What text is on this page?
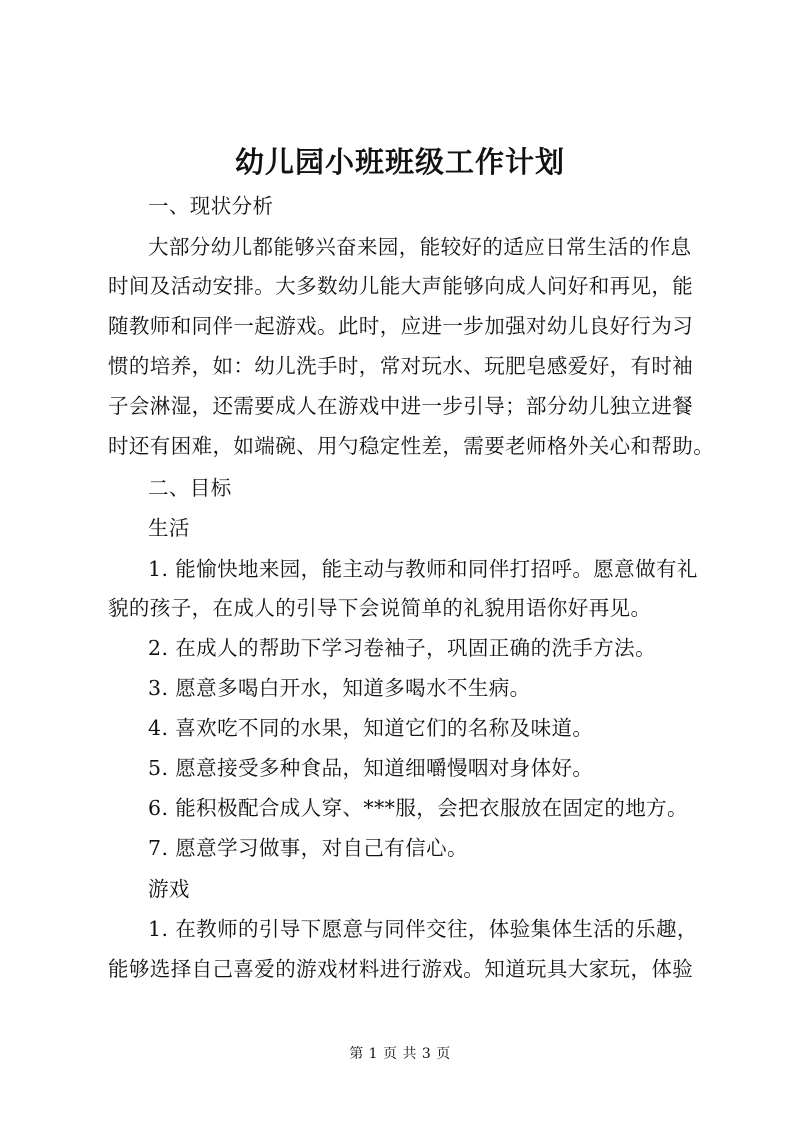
幼儿园小班班级工作计划
一、现状分析
大部分幼儿都能够兴奋来园，能较好的适应日常生活的作息
时间及活动安排。大多数幼儿能大声能够向成人问好和再见，能
随教师和同伴一起游戏。此时，应进一步加强对幼儿良好行为习
惯的培养，如：幼儿洗手时，常对玩水、玩肥皂感爱好，有时袖
子会淋湿，还需要成人在游戏中进一步引导；部分幼儿独立进餐
时还有困难，如端碗、用勺稳定性差，需要老师格外关心和帮助。
二、目标
生活
1. 能愉快地来园，能主动与教师和同伴打招呼。愿意做有礼
貌的孩子，在成人的引导下会说简单的礼貌用语你好再见。
2. 在成人的帮助下学习卷袖子，巩固正确的洗手方法。
3. 愿意多喝白开水，知道多喝水不生病。
4. 喜欢吃不同的水果，知道它们的名称及味道。
5. 愿意接受多种食品，知道细嚼慢咽对身体好。
6. 能积极配合成人穿、***服，会把衣服放在固定的地方。
7. 愿意学习做事，对自己有信心。
游戏
1. 在教师的引导下愿意与同伴交往，体验集体生活的乐趣，
能够选择自己喜爱的游戏材料进行游戏。知道玩具大家玩，体验
第 1 页 共 3 页
